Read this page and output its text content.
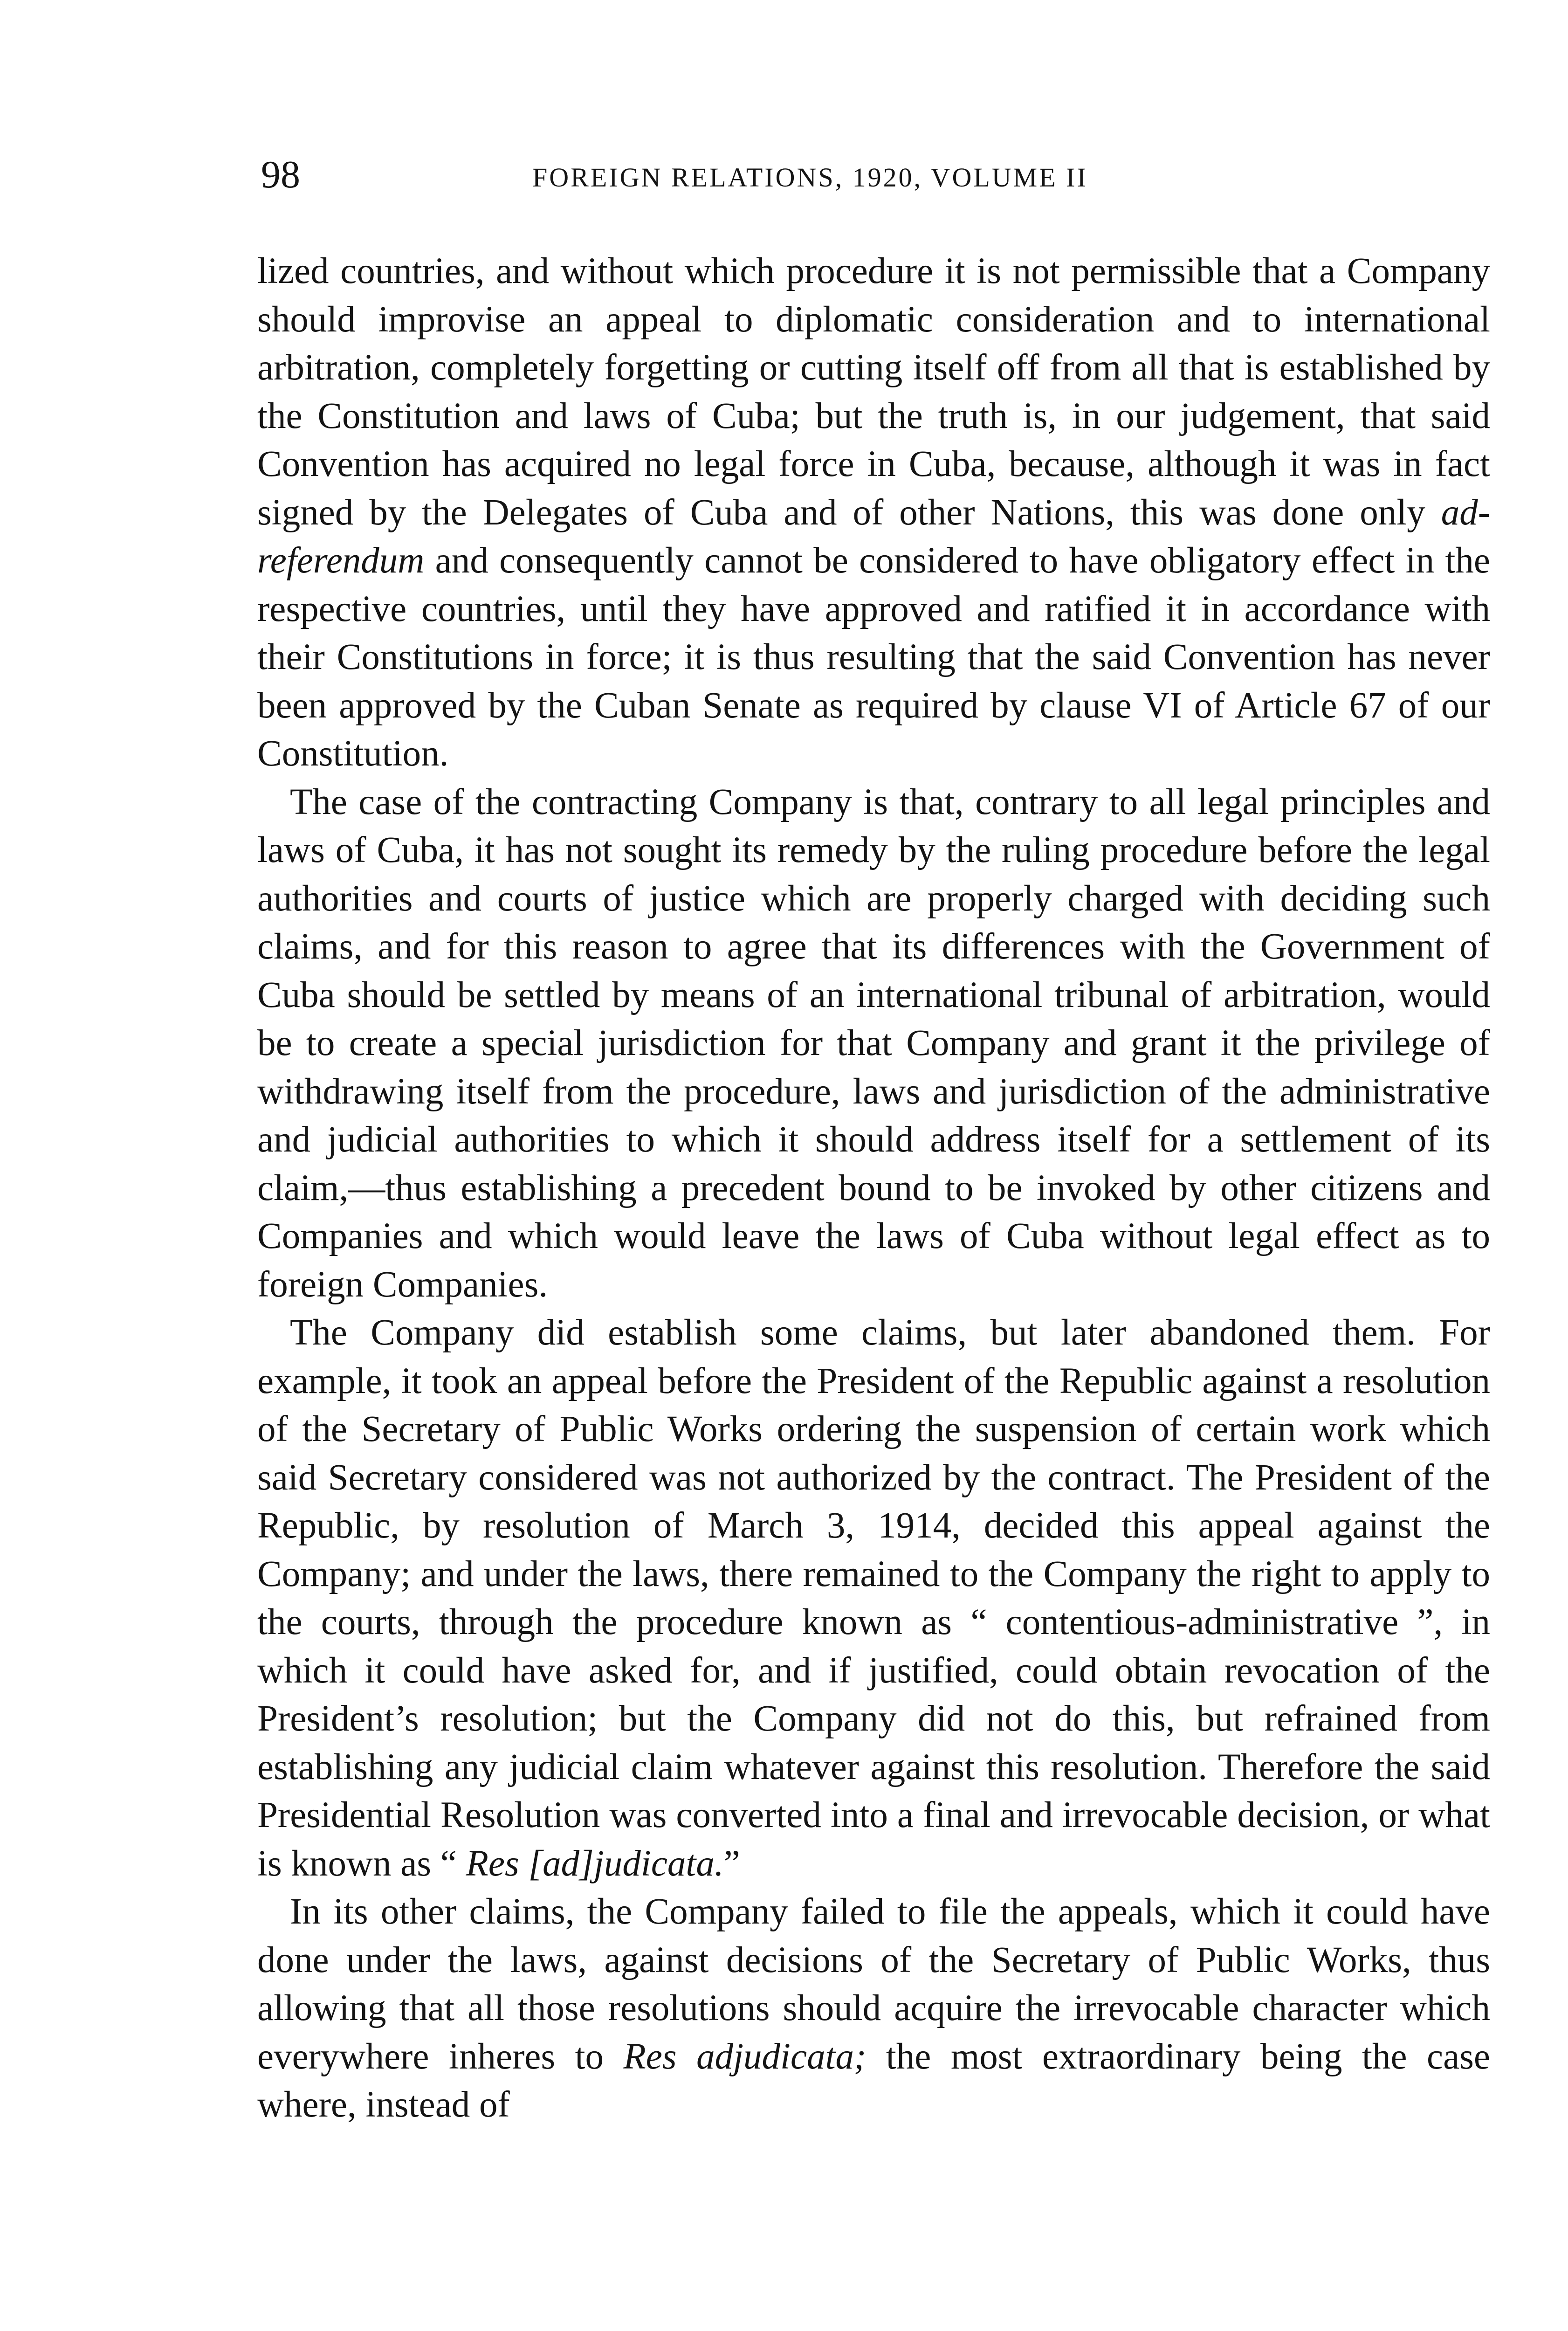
98	FOREIGN RELATIONS, 1920, VOLUME II

lized countries, and without which procedure it is not permissible that a Company should improvise an appeal to diplomatic consideration and to international arbitration, completely forgetting or cutting itself off from all that is established by the Constitution and laws of Cuba; but the truth is, in our judgement, that said Convention has acquired no legal force in Cuba, because, although it was in fact signed by the Delegates of Cuba and of other Nations, this was done only ad-referendum and consequently cannot be considered to have obligatory effect in the respective countries, until they have approved and ratified it in accordance with their Constitutions in force; it is thus resulting that the said Convention has never been approved by the Cuban Senate as required by clause VI of Article 67 of our Constitution.

The case of the contracting Company is that, contrary to all legal principles and laws of Cuba, it has not sought its remedy by the ruling procedure before the legal authorities and courts of justice which are properly charged with deciding such claims, and for this reason to agree that its differences with the Government of Cuba should be settled by means of an international tribunal of arbitration, would be to create a special jurisdiction for that Company and grant it the privilege of withdrawing itself from the procedure, laws and jurisdiction of the administrative and judicial authorities to which it should address itself for a settlement of its claim,—thus establishing a precedent bound to be invoked by other citizens and Companies and which would leave the laws of Cuba without legal effect as to foreign Companies.

The Company did establish some claims, but later abandoned them. For example, it took an appeal before the President of the Republic against a resolution of the Secretary of Public Works ordering the suspension of certain work which said Secretary considered was not authorized by the contract. The President of the Republic, by resolution of March 3, 1914, decided this appeal against the Company; and under the laws, there remained to the Company the right to apply to the courts, through the procedure known as “ contentious-administrative ”, in which it could have asked for, and if justified, could obtain revocation of the President’s resolution; but the Company did not do this, but refrained from establishing any judicial claim whatever against this resolution. Therefore the said Presidential Resolution was converted into a final and irrevocable decision, or what is known as “ Res [ad]judicata.”

In its other claims, the Company failed to file the appeals, which it could have done under the laws, against decisions of the Secretary of Public Works, thus allowing that all those resolutions should acquire the irrevocable character which everywhere inheres to Res adjudicata; the most extraordinary being the case where, instead of
